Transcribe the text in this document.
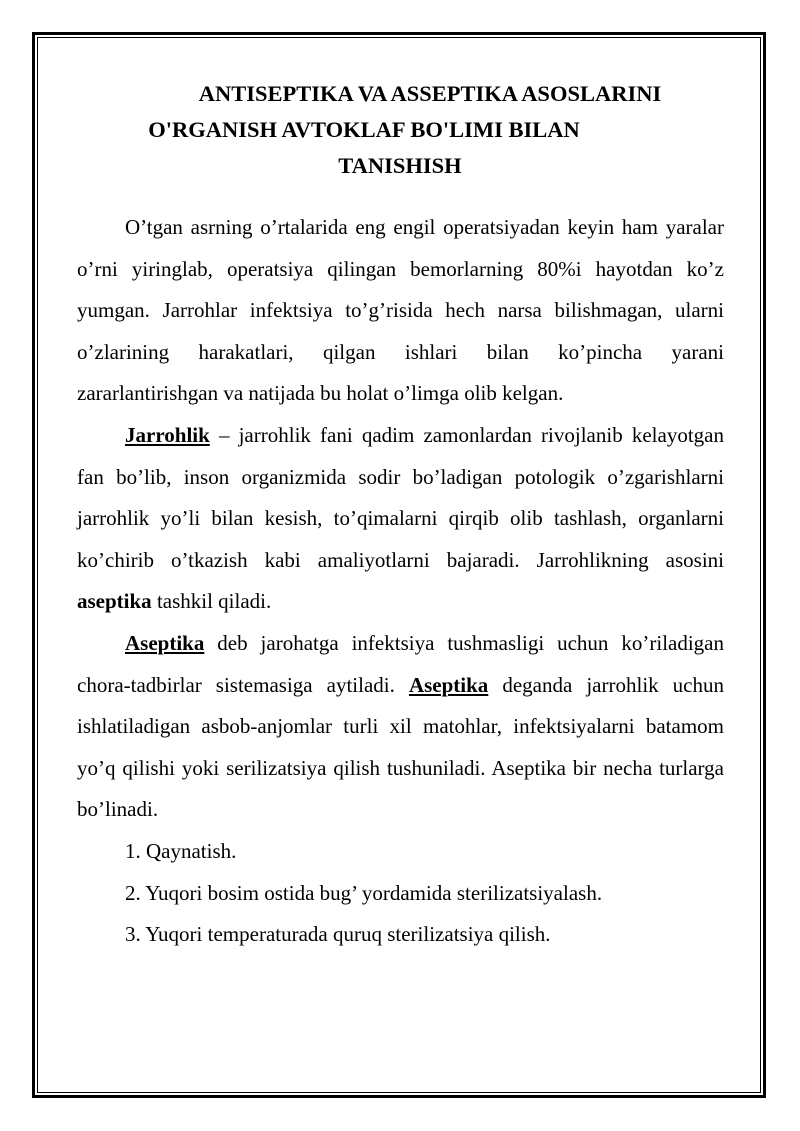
ANTISEPTIKA VA ASSEPTIKA ASOSLARINI
O'RGANISH AVTOKLAF BO'LIMI BILAN
TANISHISH

O’tgan asrning o’rtalarida eng engil operatsiyadan keyin ham yaralar o’rni yiringlab, operatsiya qilingan bemorlarning 80%i hayotdan ko’z yumgan. Jarrohlar infektsiya to’g’risida hech narsa bilishmagan, ularni o’zlarining harakatlari, qilgan ishlari bilan ko’pincha yarani zararlantirishgan va natijada bu holat o’limga olib kelgan.

Jarrohlik – jarrohlik fani qadim zamonlardan rivojlanib kelayotgan fan bo’lib, inson organizmida sodir bo’ladigan potologik o’zgarishlarni jarrohlik yo’li bilan kesish, to’qimalarni qirqib olib tashlash, organlarni ko’chirib o’tkazish kabi amaliyotlarni bajaradi. Jarrohlikning asosini aseptika tashkil qiladi.

Aseptika deb jarohatga infektsiya tushmasligi uchun ko’riladigan chora-tadbirlar sistemasiga aytiladi. Aseptika deganda jarrohlik uchun ishlatiladigan asbob-anjomlar turli xil matohlar, infektsiyalarni batamom yo’q qilishi yoki serilizatsiya qilish tushuniladi. Aseptika bir necha turlarga bo’linadi.

1. Qaynatish.

2. Yuqori bosim ostida bug’ yordamida sterilizatsiyalash.

3. Yuqori temperaturada quruq sterilizatsiya qilish.
